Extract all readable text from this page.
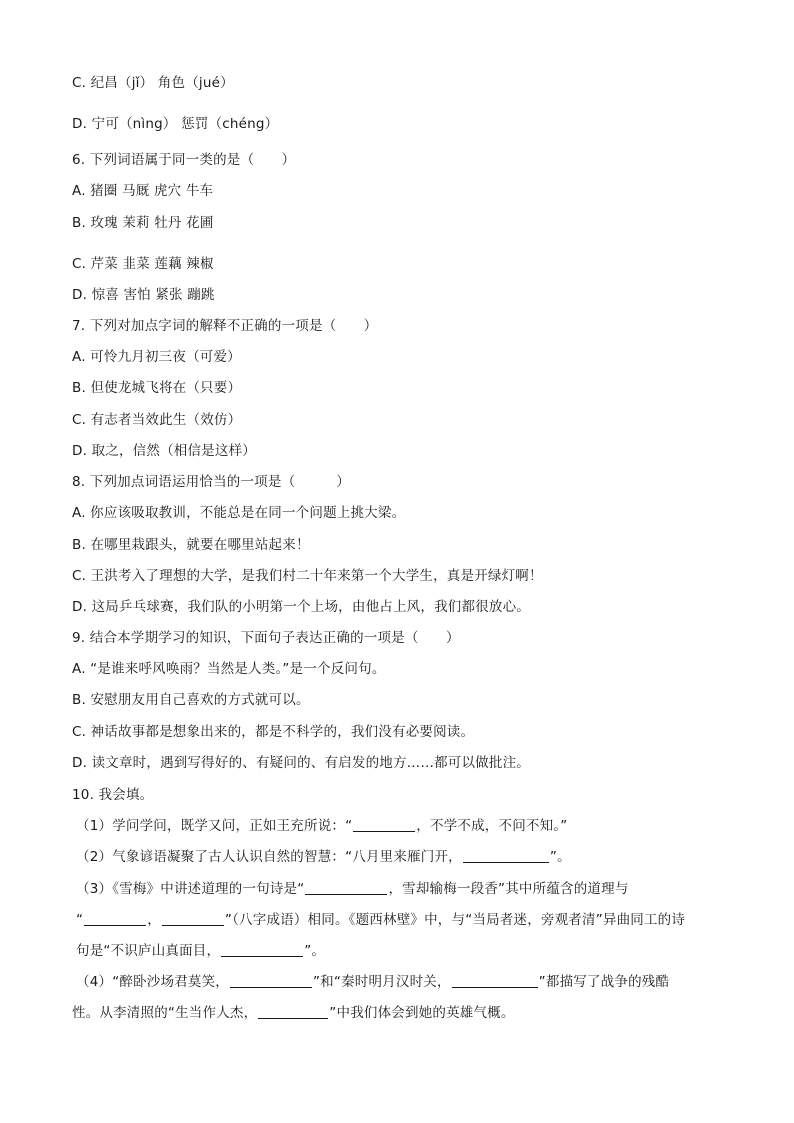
C. 纪昌（jǐ） 角色（jué）
D. 宁可（nìng） 惩罚（chéng）
6. 下列词语属于同一类的是（　　）
A. 猪圈 马厩 虎穴 牛车
B. 玫瑰 茉莉 牡丹 花圃
C. 芹菜 韭菜 莲藕 辣椒
D. 惊喜 害怕 紧张 蹦跳
7. 下列对加点字词的解释不正确的一项是（　　）
A. 可怜九月初三夜（可爱）
B. 但使龙城飞将在（只要）
C. 有志者当效此生（效仿）
D. 取之，信然（相信是这样）
8. 下列加点词语运用恰当的一项是（　　　）
A. 你应该吸取教训，不能总是在同一个问题上挑大梁。
B. 在哪里栽跟头，就要在哪里站起来！
C. 王洪考入了理想的大学，是我们村二十年来第一个大学生，真是开绿灯啊！
D. 这局乒乓球赛，我们队的小明第一个上场，由他占上风，我们都很放心。
9. 结合本学期学习的知识，下面句子表达正确的一项是（　　）
A. “是谁来呼风唤雨？当然是人类。”是一个反问句。
B. 安慰朋友用自己喜欢的方式就可以。
C. 神话故事都是想象出来的，都是不科学的，我们没有必要阅读。
D. 读文章时，遇到写得好的、有疑问的、有启发的地方……都可以做批注。
10. 我会填。
（1）学问学问，既学又问，正如王充所说：“	，不学不成，不问不知。”
（2）气象谚语凝聚了古人认识自然的智慧：“八月里来雁门开，	”。
（3）《雪梅》中讲述道理的一句诗是“	，雪却输梅一段香”其中所蕴含的道理与
“	，	”（八字成语）相同。《题西林壁》中，与“当局者迷，旁观者清”异曲同工的诗
句是“不识庐山真面目，	”。
（4）“醉卧沙场君莫笑，	”和“秦时明月汉时关，	”都描写了战争的残酷
性。从李清照的“生当作人杰，	”中我们体会到她的英雄气概。
